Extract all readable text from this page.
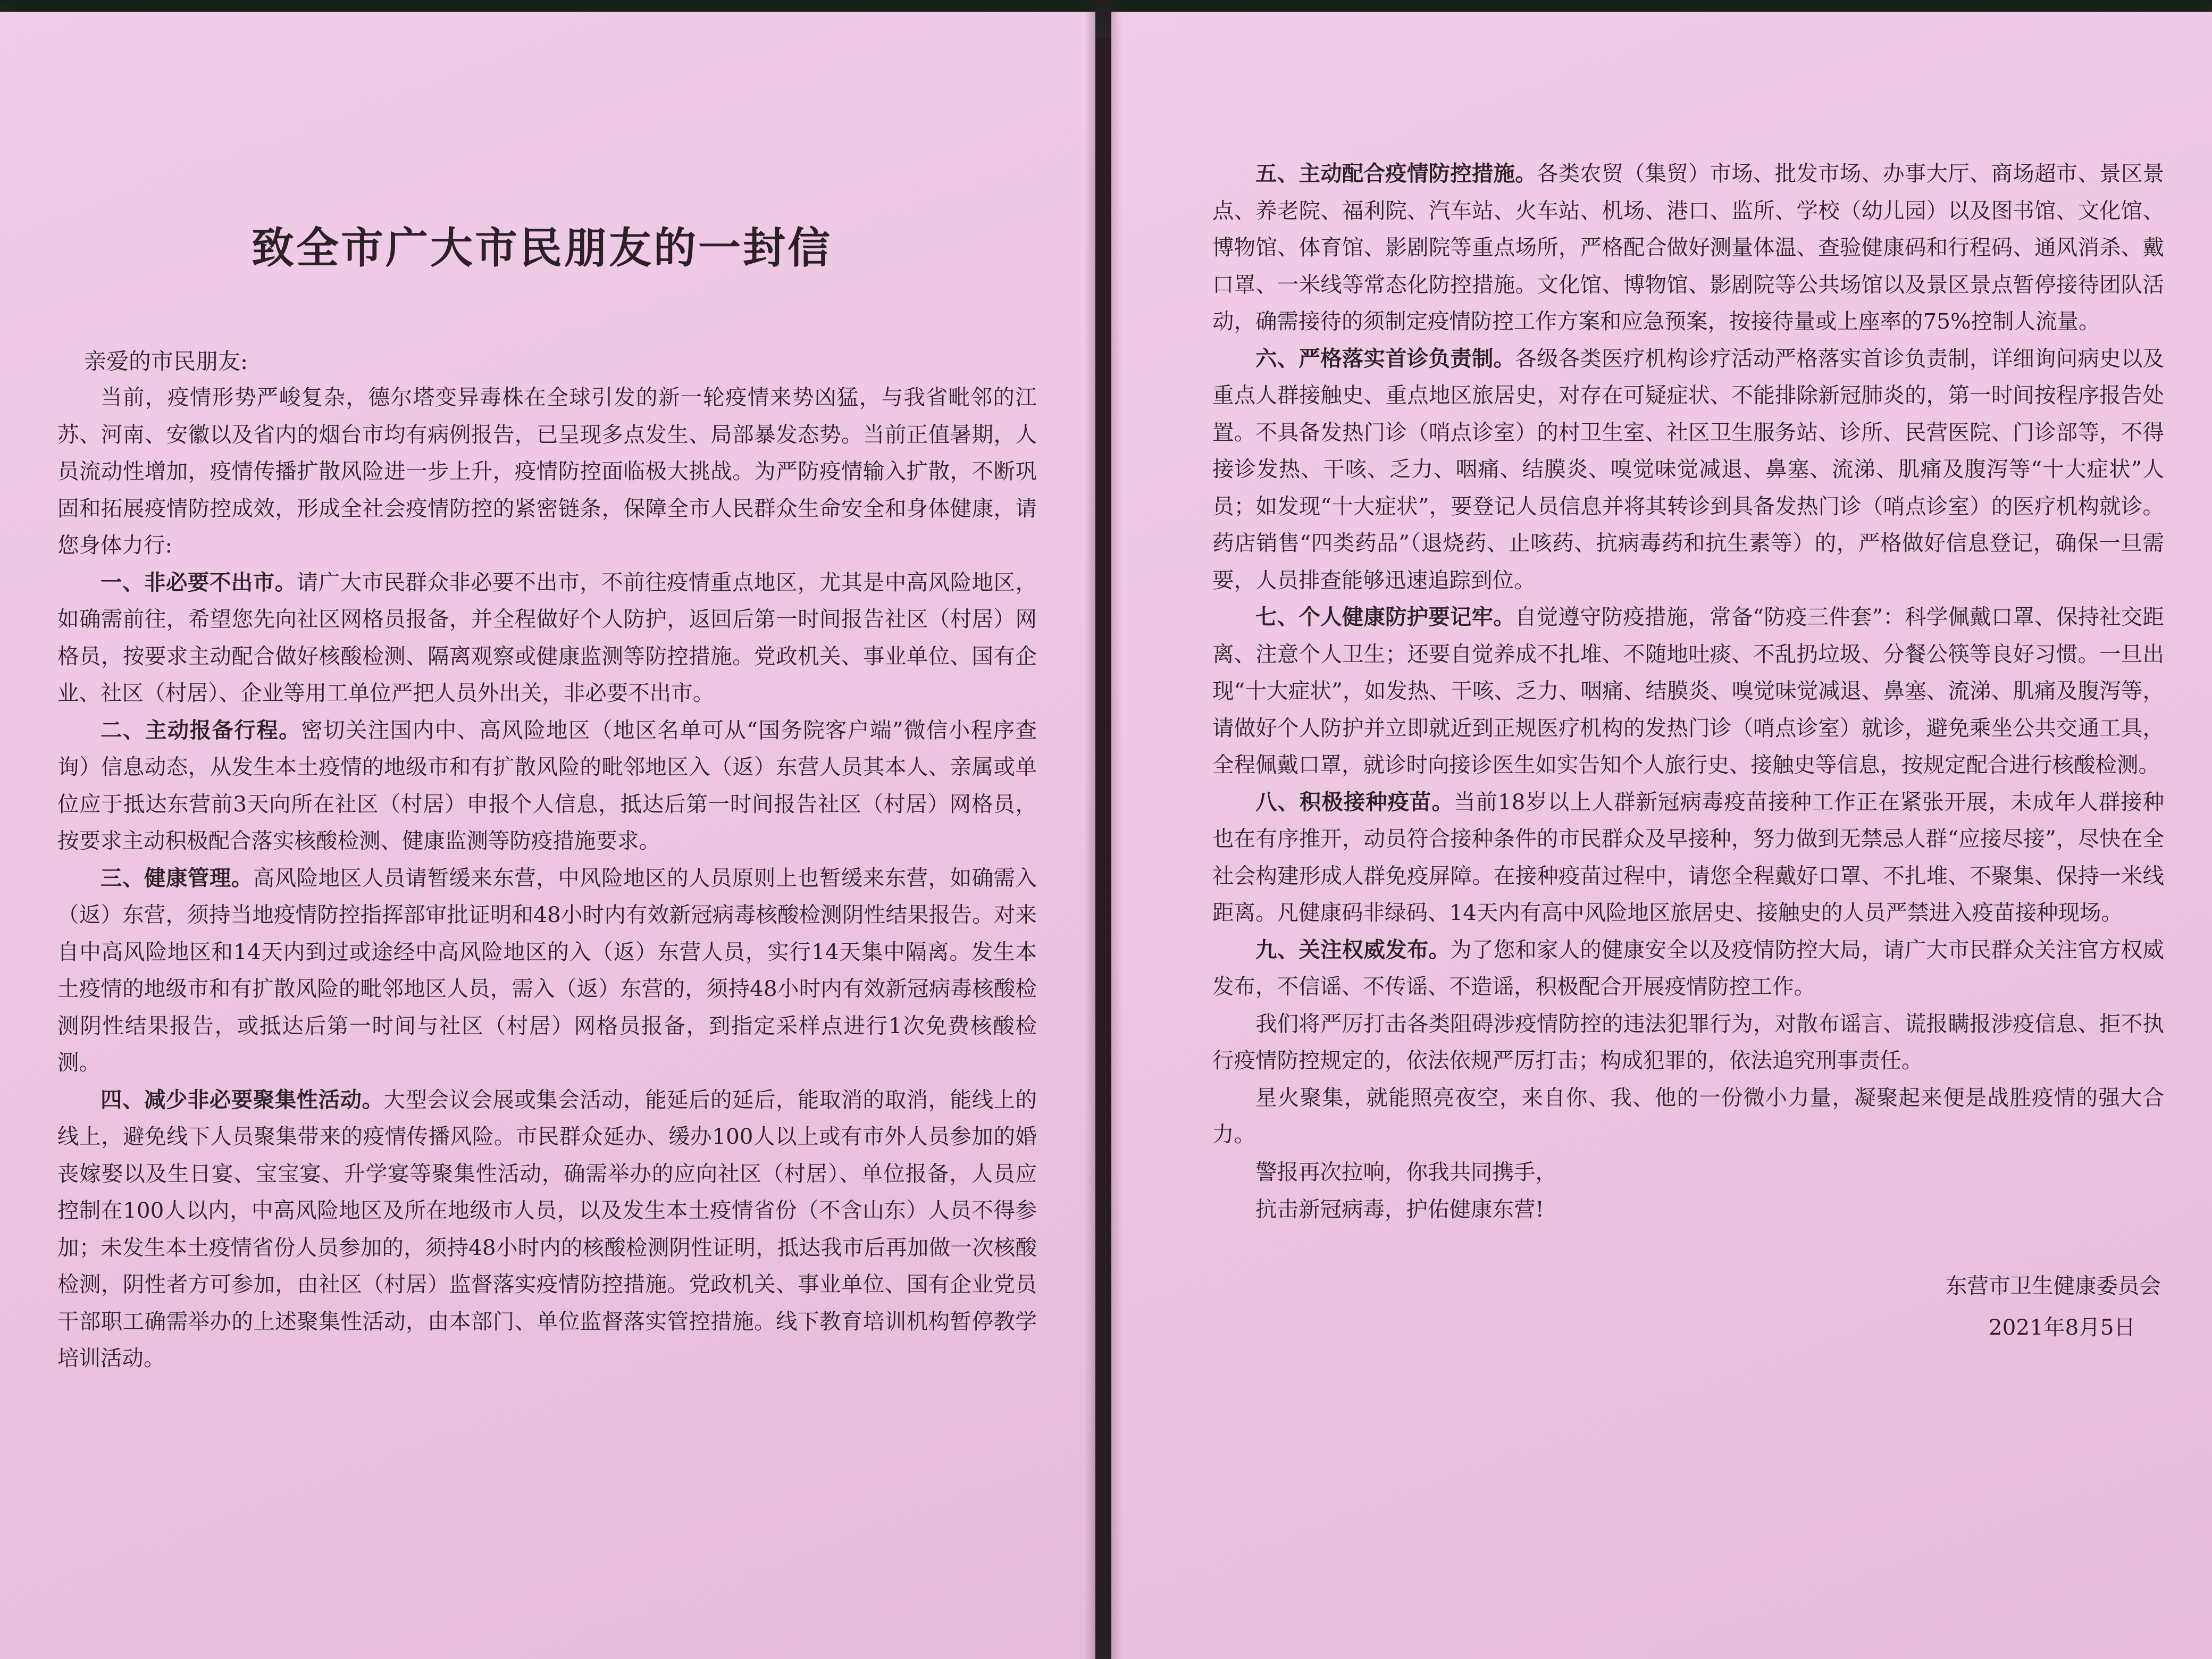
致全市广大市民朋友的一封信
亲爱的市民朋友:

当前，疫情形势严峻复杂，德尔塔变异毒株在全球引发的新一轮疫情来势凶猛，与我省毗邻的江苏、河南、安徽以及省内的烟台市均有病例报告，已呈现多点发生、局部暴发态势。当前正值暑期，人员流动性增加，疫情传播扩散风险进一步上升，疫情防控面临极大挑战。为严防疫情输入扩散，不断巩固和拓展疫情防控成效，形成全社会疫情防控的紧密链条，保障全市人民群众生命安全和身体健康，请您身体力行:

一、非必要不出市。请广大市民群众非必要不出市，不前往疫情重点地区，尤其是中高风险地区，如确需前往，希望您先向社区网格员报备，并全程做好个人防护，返回后第一时间报告社区（村居）网格员，按要求主动配合做好核酸检测、隔离观察或健康监测等防控措施。党政机关、事业单位、国有企业、社区（村居）、企业等用工单位严把人员外出关，非必要不出市。

二、主动报备行程。密切关注国内中、高风险地区（地区名单可从“国务院客户端”微信小程序查询）信息动态，从发生本土疫情的地级市和有扩散风险的毗邻地区入（返）东营人员其本人、亲属或单位应于抵达东营前3天向所在社区（村居）申报个人信息，抵达后第一时间报告社区（村居）网格员，按要求主动积极配合落实核酸检测、健康监测等防疫措施要求。

三、健康管理。高风险地区人员请暂缓来东营，中风险地区的人员原则上也暂缓来东营，如确需入（返）东营，须持当地疫情防控指挥部审批证明和48小时内有效新冠病毒核酸检测阴性结果报告。对来自中高风险地区和14天内到过或途经中高风险地区的入（返）东营人员，实行14天集中隔离。发生本土疫情的地级市和有扩散风险的毗邻地区人员，需入（返）东营的，须持48小时内有效新冠病毒核酸检测阴性结果报告，或抵达后第一时间与社区（村居）网格员报备，到指定采样点进行1次免费核酸检测。

四、减少非必要聚集性活动。大型会议会展或集会活动，能延后的延后，能取消的取消，能线上的线上，避免线下人员聚集带来的疫情传播风险。市民群众延办、缓办100人以上或有市外人员参加的婚丧嫁娶以及生日宴、宝宝宴、升学宴等聚集性活动，确需举办的应向社区（村居）、单位报备，人员应控制在100人以内，中高风险地区及所在地级市人员，以及发生本土疫情省份（不含山东）人员不得参加；未发生本土疫情省份人员参加的，须持48小时内的核酸检测阴性证明，抵达我市后再加做一次核酸检测，阴性者方可参加，由社区（村居）监督落实疫情防控措施。党政机关、事业单位、国有企业党员干部职工确需举办的上述聚集性活动，由本部门、单位监督落实管控措施。线下教育培训机构暂停教学培训活动。

五、主动配合疫情防控措施。各类农贸（集贸）市场、批发市场、办事大厅、商场超市、景区景点、养老院、福利院、汽车站、火车站、机场、港口、监所、学校（幼儿园）以及图书馆、文化馆、博物馆、体育馆、影剧院等重点场所，严格配合做好测量体温、查验健康码和行程码、通风消杀、戴口罩、一米线等常态化防控措施。文化馆、博物馆、影剧院等公共场馆以及景区景点暂停接待团队活动，确需接待的须制定疫情防控工作方案和应急预案，按接待量或上座率的75%控制人流量。

六、严格落实首诊负责制。各级各类医疗机构诊疗活动严格落实首诊负责制，详细询问病史以及重点人群接触史、重点地区旅居史，对存在可疑症状、不能排除新冠肺炎的，第一时间按程序报告处置。不具备发热门诊（哨点诊室）的村卫生室、社区卫生服务站、诊所、民营医院、门诊部等，不得接诊发热、干咳、乏力、咽痛、结膜炎、嗅觉味觉减退、鼻塞、流涕、肌痛及腹泻等“十大症状”人员；如发现“十大症状”，要登记人员信息并将其转诊到具备发热门诊（哨点诊室）的医疗机构就诊。药店销售“四类药品”（退烧药、止咳药、抗病毒药和抗生素等）的，严格做好信息登记，确保一旦需要，人员排查能够迅速追踪到位。

七、个人健康防护要记牢。自觉遵守防疫措施，常备“防疫三件套”：科学佩戴口罩、保持社交距离、注意个人卫生；还要自觉养成不扎堆、不随地吐痰、不乱扔垃圾、分餐公筷等良好习惯。一旦出现“十大症状”，如发热、干咳、乏力、咽痛、结膜炎、嗅觉味觉减退、鼻塞、流涕、肌痛及腹泻等，请做好个人防护并立即就近到正规医疗机构的发热门诊（哨点诊室）就诊，避免乘坐公共交通工具，全程佩戴口罩，就诊时向接诊医生如实告知个人旅行史、接触史等信息，按规定配合进行核酸检测。

八、积极接种疫苗。当前18岁以上人群新冠病毒疫苗接种工作正在紧张开展，未成年人群接种也在有序推开，动员符合接种条件的市民群众及早接种，努力做到无禁忌人群“应接尽接”，尽快在全社会构建形成人群免疫屏障。在接种疫苗过程中，请您全程戴好口罩、不扎堆、不聚集、保持一米线距离。凡健康码非绿码、14天内有高中风险地区旅居史、接触史的人员严禁进入疫苗接种现场。

九、关注权威发布。为了您和家人的健康安全以及疫情防控大局，请广大市民群众关注官方权威发布，不信谣、不传谣、不造谣，积极配合开展疫情防控工作。

我们将严厉打击各类阻碍涉疫情防控的违法犯罪行为，对散布谣言、谎报瞒报涉疫信息、拒不执行疫情防控规定的，依法依规严厉打击；构成犯罪的，依法追究刑事责任。

星火聚集，就能照亮夜空，来自你、我、他的一份微小力量，凝聚起来便是战胜疫情的强大合力。

警报再次拉响，你我共同携手，
抗击新冠病毒，护佑健康东营!
东营市卫生健康委员会
2021年8月5日
